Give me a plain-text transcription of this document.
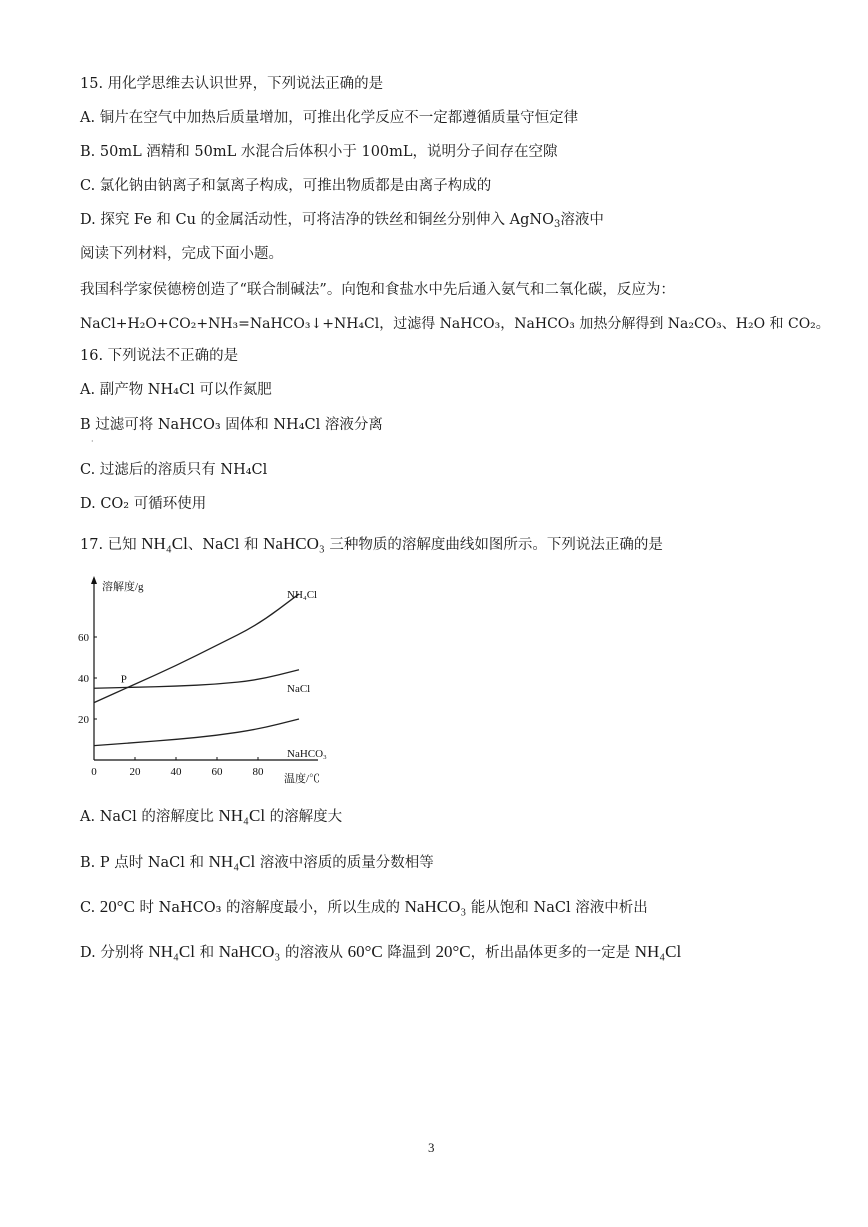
15. 用化学思维去认识世界，下列说法正确的是
A. 铜片在空气中加热后质量增加，可推出化学反应不一定都遵循质量守恒定律
B. 50mL 酒精和 50mL 水混合后体积小于 100mL，说明分子间存在空隙
C. 氯化钠由钠离子和氯离子构成，可推出物质都是由离子构成的
D. 探究 Fe 和 Cu 的金属活动性，可将洁净的铁丝和铜丝分别伸入 AgNO$_3$溶液中
阅读下列材料，完成下面小题。
我国科学家侯德榜创造了“联合制碱法”。向饱和食盐水中先后通入氨气和二氧化碳，反应为：
NaCl+H₂O+CO₂+NH₃=NaHCO₃↓+NH₄Cl，过滤得 NaHCO₃，NaHCO₃ 加热分解得到 Na₂CO₃、H₂O 和 CO₂。
16. 下列说法不正确的是
A. 副产物 NH₄Cl 可以作氮肥
B 过滤可将 NaHCO₃ 固体和 NH₄Cl 溶液分离
·
C. 过滤后的溶质只有 NH₄Cl
D. CO₂ 可循环使用
17. 已知 NH₄Cl、NaCl 和 NaHCO₃ 三种物质的溶解度曲线如图所示。下列说法正确的是
溶解度/g
温度/℃
0	20	40	60	80
20
40
60
NH₄Cl
NaCl
NaHCO₃
P
A. NaCl 的溶解度比 NH₄Cl 的溶解度大
B. P 点时 NaCl 和 NH₄Cl 溶液中溶质的质量分数相等
C. 20°C 时 NaHCO₃ 的溶解度最小，所以生成的 NaHCO₃ 能从饱和 NaCl 溶液中析出
D. 分别将 NH₄Cl 和 NaHCO₃ 的溶液从 60°C 降温到 20°C，析出晶体更多的一定是 NH₄Cl
3
